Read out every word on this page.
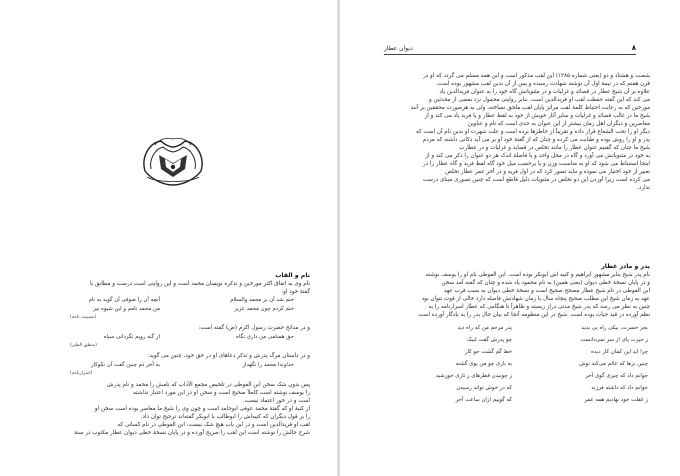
نام و القاب
نام وی به اتفاق اکثر مورخین و تذکره نویسان محمد است و این روایتی است درست و مطابق با
گفتهٔ خود او:
ختم شد آن بر محمد والسلام
آنچه آن را صوفی آن گوید به نام
ختم کردم چون محمد عزیز
من محمد نامم و این شیوه نیز
(مصیبت نامه)
و در مدائح حضرت رسول اکرم (ص) گفته است:
حق همنامی من داری نگاه
از گنه رویم نگردانی سیاه
(منطق الطیر)
و در داستان مرگ پدرش و تذکر دعاهای او در حق خود، چنین می گوید:
خداوندا محمد را نگهدار
به آخر دم چنین گفت آن نکوکار
(اسرارنامه)
پس بدون شک سخن ابن الفوطی در تلخیص مجمع الآداب که نامش را محمد و نام پدرش
را یوسف نوشته است کاملاً صحیح است و سخن او در این مورد اعتبار نداشته
است و در خور اعتماد نیست.
از کنیهٔ او که گفتهٔ محمد عوفی ابوحامد است و چون وی را شیخ ما معاصر بوده است سخن او
را بر قول دیگران که کنیه‌اش را ابوطالب یا ابوبکر گفته‌اند ترجیح توان داد.
لقب او فریدالدین است و در این باب هیچ شک نیست، ابن الفوطی در نام کسانی که
شرح حالش را نوشته است این لقب را صریح آورده و در پایان نسخهٔ خطی دیوان عطار مکتوب در سنهٔ
۸
دیوان عطار
شصت و هشتاد و دو (یعنی شماره ۱۳۸۵) این لقب مذکور است و این همه مسلم می گردد که او در
قرن هفتم که در نیمهٔ اول آن نوشته شهادت رسیده و پس از آن بدین لقب مشهور بوده است.
علاوه بر آن شیخ عطار در قصائد و غزلیات و در مثنویاتش گاه خود را به عنوان فریدالدین یاد
می کند که این گفته حفظت لقب او فریدالدین است. بنابر روایتی محمول نزد بعضی از محدثین و
مورخین که به رعایت احتیاط کلمهٔ لقب مراتز پایان لقب ملحق نساخته، ولی به هرصورت محققین بر آنند
شیخ ما در غالب قصائد و غزلیات و سایر آثار خویش از خود به لفظ عطار و یا فرید یاد می کند و از
معاصرین و دیگران اهل زمان بیشتر از این عنوان به حدی است که نام و عناوین
دیگر او را تحت الشعاع قرار داده و تقریباً از خاطرها برده است و علت شهرت او بدین نام آن است که
پدر و او را روش بوده و طبابت می کرده و چنان که از گفتهٔ خود او بر می آید دکانی داشته که مردم
شیخ ما چنان که گفتیم عنوان عطار را مانند تخلص در قصاید و غزلیات و در عطارب
به خود در مثنویاتش می آورد و گاه در محل واحد و یا فاصلهٔ اندک هر دو عنوان را ذکر می کند و از
اینجا استنباط می شود که او به مناسبت وزن و یا برحسب میل خود گاه لفظ فرید و گاه عطار را در
تعبیر از خود اختیار می نموده و نباید تصور کرد که در اول فرید و در آخر عمر عطار تخلص
می کرده است زیرا آوردن این دو تخلص در مثنویات دلیل قاطع است که چنین تصوری مبنای درست
ندارد.
پدر و مادر عطار
نام پدر شیخ بنابر مشهور ابراهیم و کنیه اش ابوبکر بوده است. ابن الفوطی نام او را یوسف نوشته
و در پایان نسخهٔ خطی دیوان (یعنی همین) به نام محمود یاد شده و چنان که گفته آمد سخن
ابن الفوطی در نام شیخ عطار مصحح صحیح است و نسخهٔ خطی دیوان به سبب قرب عهد
عهد به زمان شیخ این مطلب صحیح پنجاه سال با زمان شهادتش فاصله دارد خالی از قوت نتوان بود
چنین به نظر می رسد که پدر شیخ مدتی دراز زیسته و ظاهراً تا هنگامی که عطار اسرارنامه را به
نظم آورده در قید حیات بوده است. شیخ در این منظومه آنجا که بیان حال پدر را به یادگار آورده است
بجز حسرت، بیکی راه بی بدید
پدر مرحم من که راه دید
ز حیرت پای از سر نمی‌دانست
چو پدرش گفت لبیک
چرا اید این کمان کار دیده
خط گم گشت جو کار
چنین نزها که عالم می‌کند نوش
به بازی چو من پوی گشته
جوانم داد که چیزی گوی آخر
ز چونیدن قطرهای ز تاری خورشید
جوانم داد که داشته فرزند
که در خوش تواند رسیدن
ز غفلت خود نهادیم همه عمر
که گوییم ازان ساعت آخر
